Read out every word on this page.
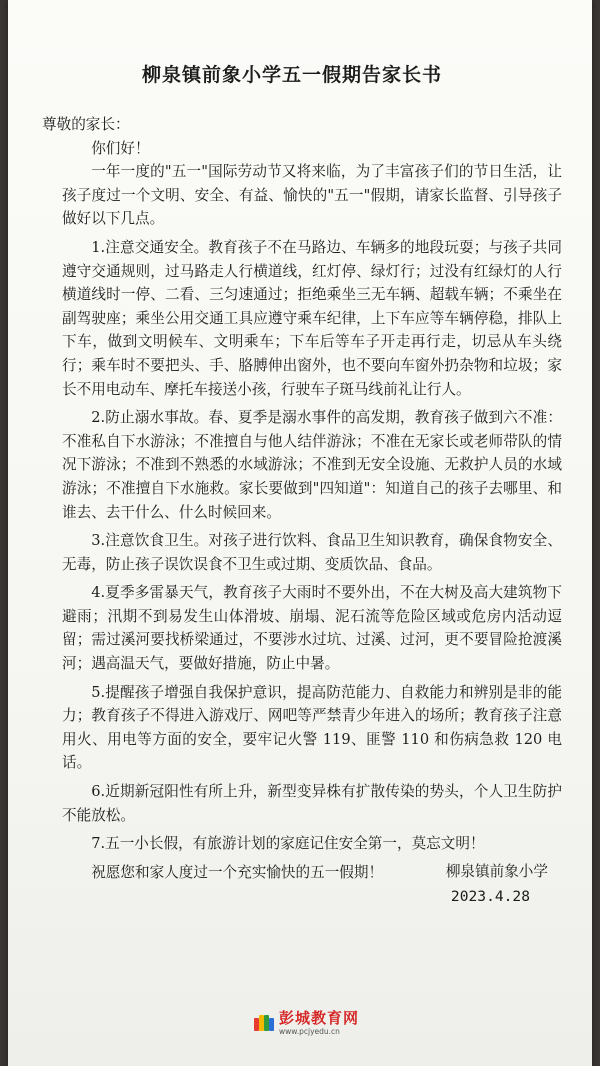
柳泉镇前象小学五一假期告家长书

尊敬的家长：

你们好！

一年一度的"五一"国际劳动节又将来临，为了丰富孩子们的节日生活，让孩子度过一个文明、安全、有益、愉快的"五一"假期，请家长监督、引导孩子做好以下几点。

1.注意交通安全。教育孩子不在马路边、车辆多的地段玩耍；与孩子共同遵守交通规则，过马路走人行横道线，红灯停、绿灯行；过没有红绿灯的人行横道线时一停、二看、三匀速通过；拒绝乘坐三无车辆、超载车辆；不乘坐在副驾驶座；乘坐公用交通工具应遵守乘车纪律，上下车应等车辆停稳，排队上下车，做到文明候车、文明乘车；下车后等车子开走再行走，切忌从车头绕行；乘车时不要把头、手、胳膊伸出窗外，也不要向车窗外扔杂物和垃圾；家长不用电动车、摩托车接送小孩，行驶车子斑马线前礼让行人。

2.防止溺水事故。春、夏季是溺水事件的高发期，教育孩子做到六不准：不准私自下水游泳；不准擅自与他人结伴游泳；不准在无家长或老师带队的情况下游泳；不准到不熟悉的水域游泳；不准到无安全设施、无救护人员的水域游泳；不准擅自下水施救。家长要做到"四知道"：知道自己的孩子去哪里、和谁去、去干什么、什么时候回来。

3.注意饮食卫生。对孩子进行饮料、食品卫生知识教育，确保食物安全、无毒，防止孩子误饮误食不卫生或过期、变质饮品、食品。

4.夏季多雷暴天气，教育孩子大雨时不要外出，不在大树及高大建筑物下避雨；汛期不到易发生山体滑坡、崩塌、泥石流等危险区域或危房内活动逗留；需过溪河要找桥梁通过，不要涉水过坑、过溪、过河，更不要冒险抢渡溪河；遇高温天气，要做好措施，防止中暑。

5.提醒孩子增强自我保护意识，提高防范能力、自救能力和辨别是非的能力；教育孩子不得进入游戏厅、网吧等严禁青少年进入的场所；教育孩子注意用火、用电等方面的安全，要牢记火警 119、匪警 110 和伤病急救 120 电话。

6.近期新冠阳性有所上升，新型变异株有扩散传染的势头，个人卫生防护不能放松。

7.五一小长假，有旅游计划的家庭记住安全第一，莫忘文明！

祝愿您和家人度过一个充实愉快的五一假期！	柳泉镇前象小学
2023.4.28
彭城教育网
www.pcjyedu.cn
